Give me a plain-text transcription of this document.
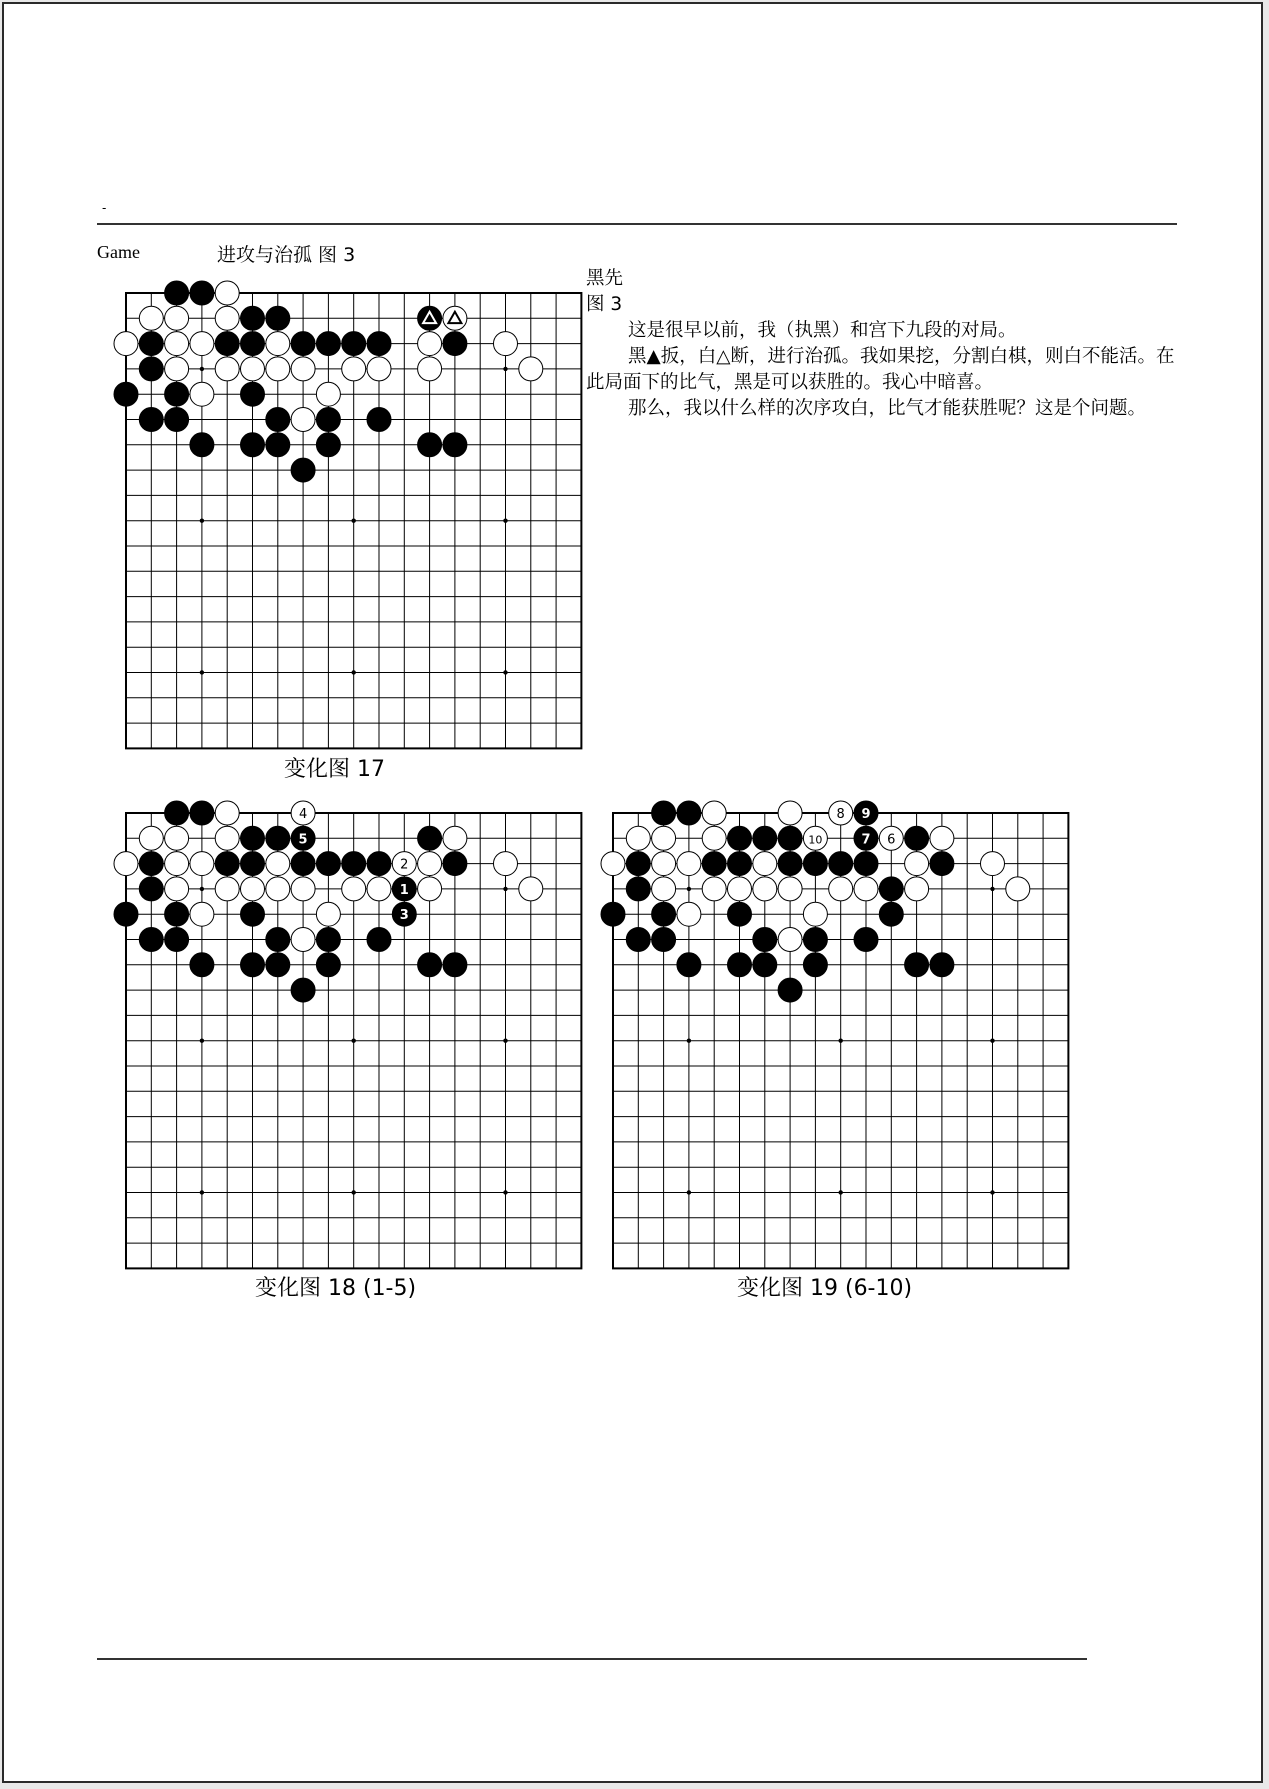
-
Game	进攻与治孤 图 3

黑先

图 3

这是很早以前，我（执黑）和宫下九段的对局。

黑▲扳，白△断，进行治孤。我如果挖，分割白棋，则白不能活。在此局面下的比气，黑是可以获胜的。我心中暗喜。

那么，我以什么样的次序攻白，比气才能获胜呢？这是个问题。

变化图 17
1
2
3
4
5
8 9
10	7 6
变化图 18 (1-5)	变化图 19 (6-10)
